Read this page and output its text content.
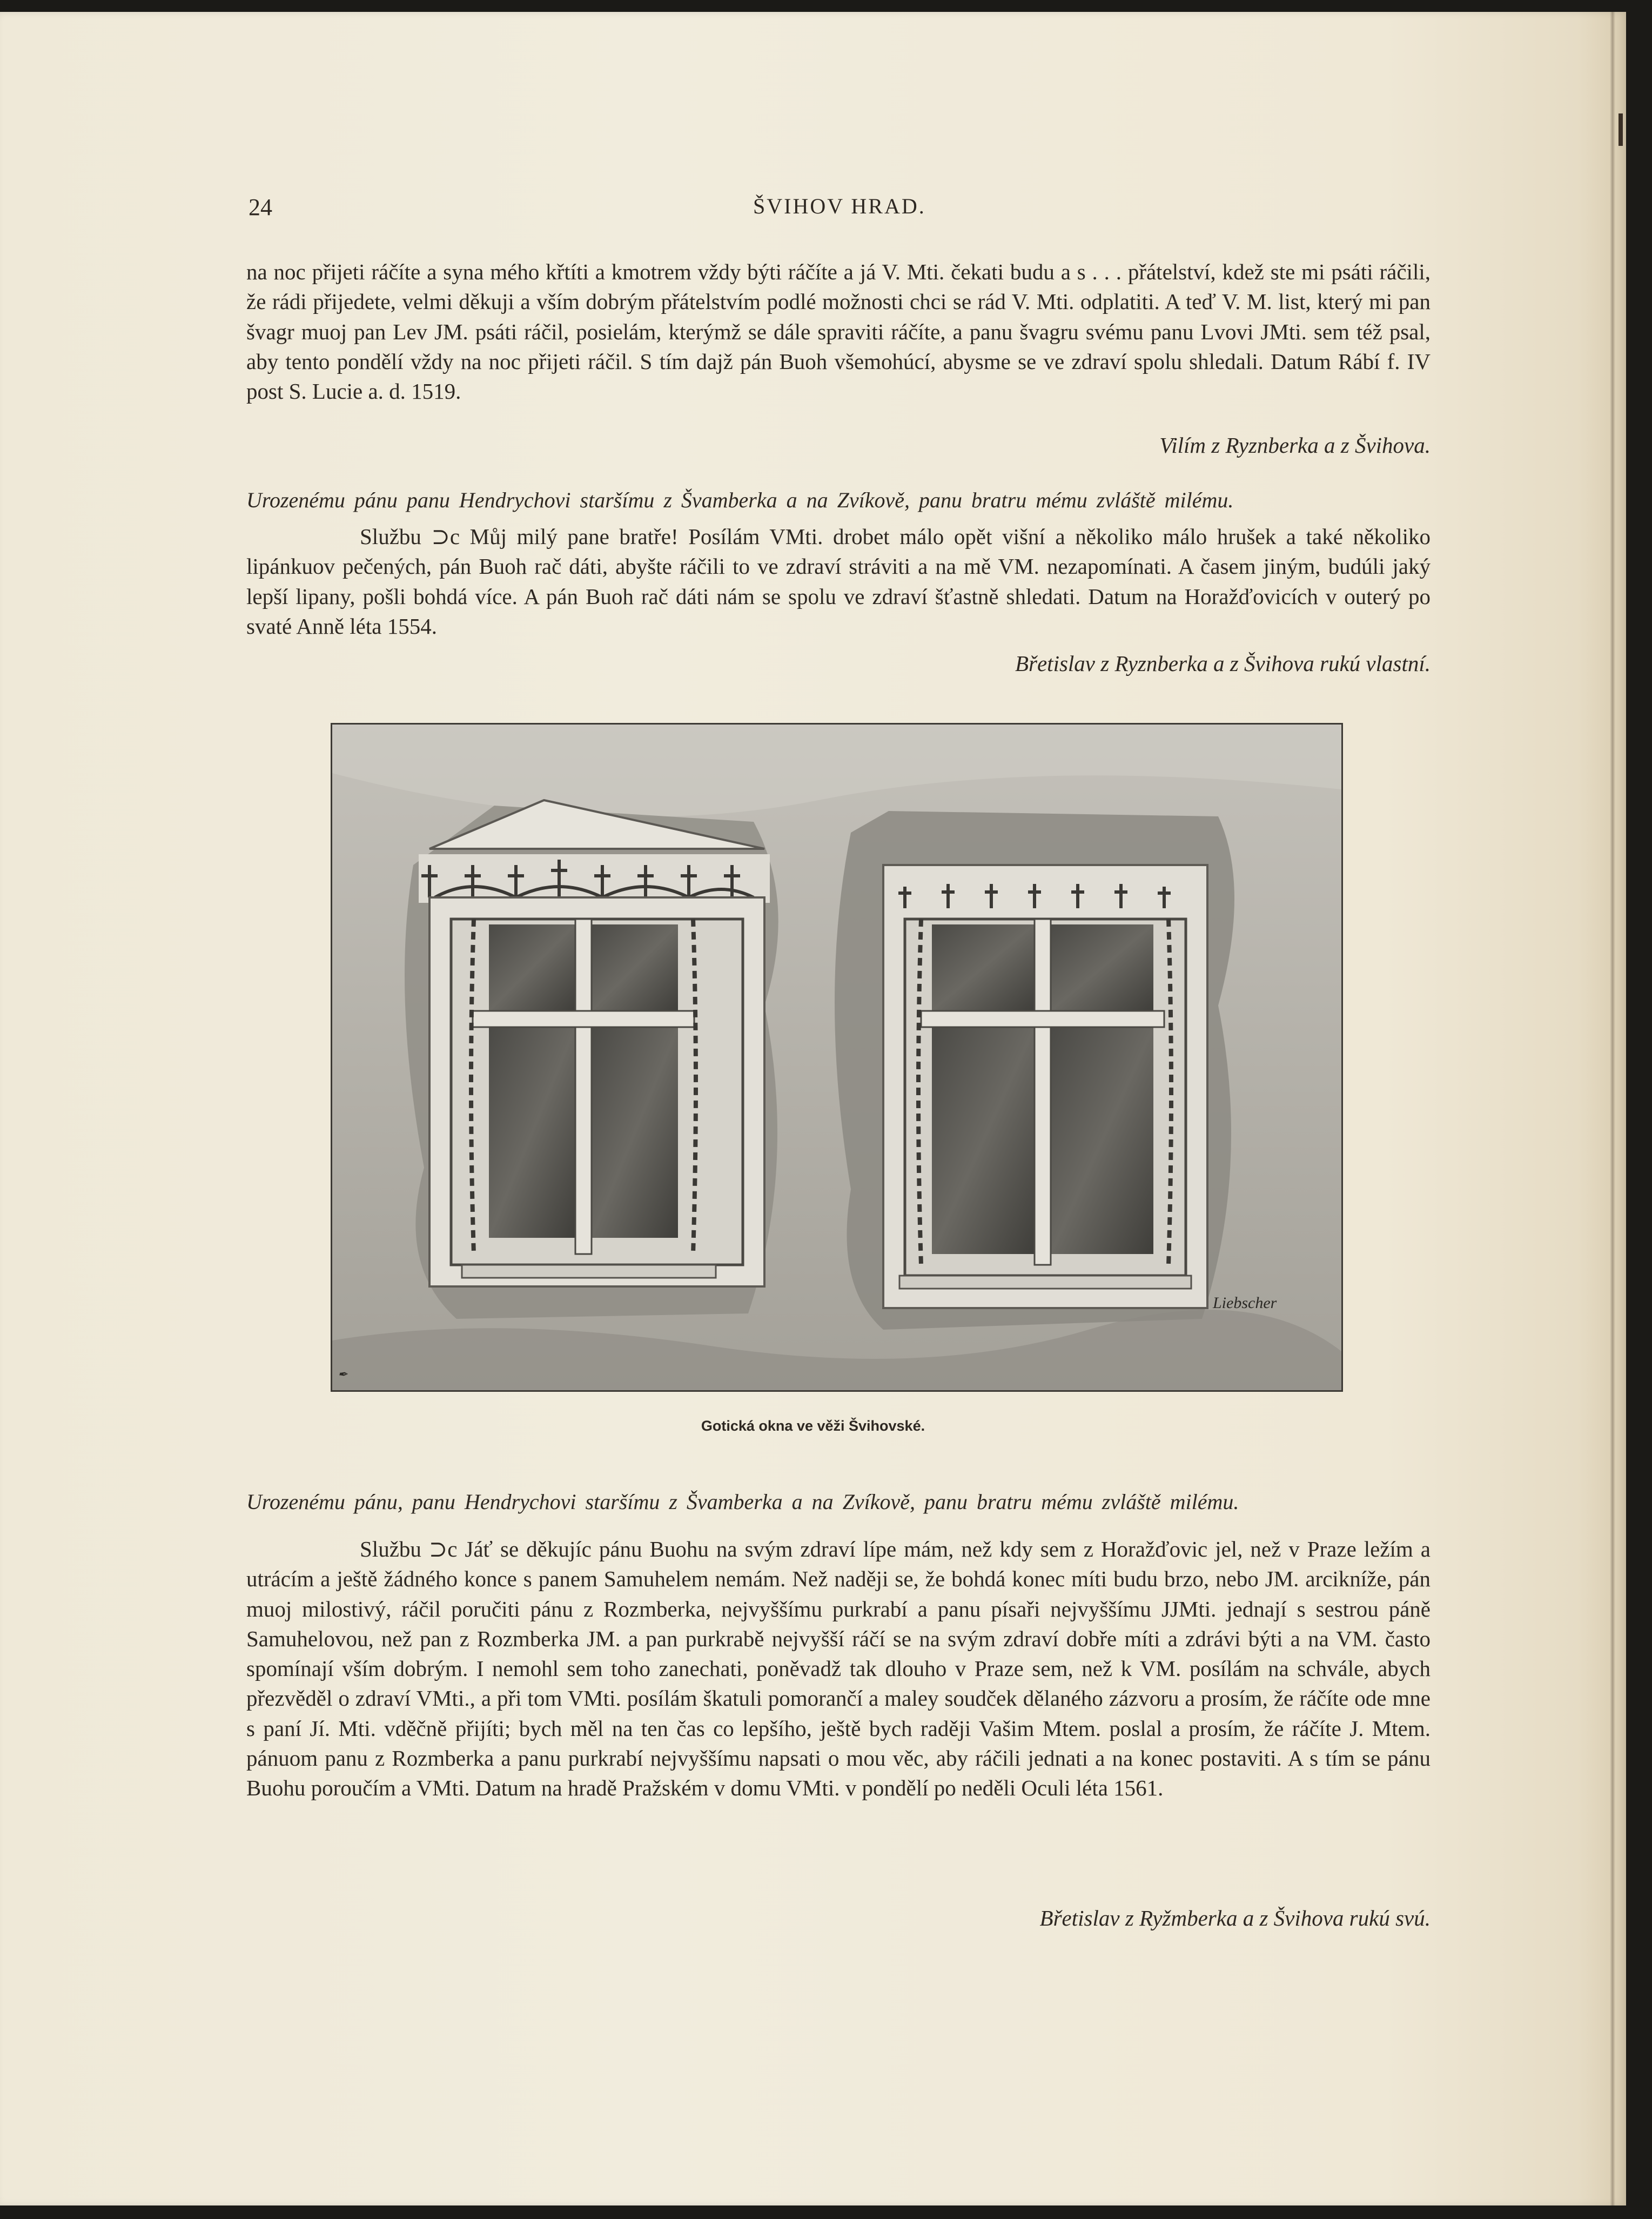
24	ŠVIHOV HRAD.

na noc přijeti ráčíte a syna mého křtíti a kmotrem vždy býti ráčíte a já V. Mti. čekati budu a s . . . přátelství, kdež ste mi psáti ráčili, že rádi přijedete, velmi děkuji a vším dobrým přátelstvím podlé možnosti chci se rád V. Mti. odplatiti. A teď V. M. list, který mi pan švagr muoj pan Lev JM. psáti ráčil, posielám, kterýmž se dále spraviti ráčíte, a panu švagru svému panu Lvovi JMti. sem též psal, aby tento pondělí vždy na noc přijeti ráčil. S tím dajž pán Buoh všemohúcí, abysme se ve zdraví spolu shledali. Datum Rábí f. IV post S. Lucie a. d. 1519.

Vilím z Ryznberka a z Švihova.

Urozenému pánu panu Hendrychovi staršímu z Švamberka a na Zvíkově, panu bratru mému zvláště milému.

Službu ⊃c Můj milý pane bratře! Posílám VMti. drobet málo opět višní a několiko málo hrušek a také několiko lipánkuov pečených, pán Buoh rač dáti, abyšte ráčili to ve zdraví stráviti a na mě VM. nezapomínati. A časem jiným, budúli jaký lepší lipany, pošli bohdá více. A pán Buoh rač dáti nám se spolu ve zdraví šťastně shledati. Datum na Horažďovicích v outerý po svaté Anně léta 1554.

Břetislav z Ryznberka a z Švihova rukú vlastní.

Liebscher
✒
Gotická okna ve věži Švihovské.

Urozenému pánu, panu Hendrychovi staršímu z Švamberka a na Zvíkově, panu bratru mému zvláště milému.

Službu ⊃c Jáť se děkujíc pánu Buohu na svým zdraví lípe mám, než kdy sem z Horažďovic jel, než v Praze ležím a utrácím a ještě žádného konce s panem Samuhelem nemám. Než naději se, že bohdá konec míti budu brzo, nebo JM. arcikníže, pán muoj milostivý, ráčil poručiti pánu z Rozmberka, nejvyššímu purkrabí a panu písaři nejvyššímu JJMti. jednají s sestrou páně Samuhelovou, než pan z Rozmberka JM. a pan purkrabě nejvyšší ráčí se na svým zdraví dobře míti a zdrávi býti a na VM. často spomínají vším dobrým. I nemohl sem toho zanechati, poněvadž tak dlouho v Praze sem, než k VM. posílám na schvále, abych přezvěděl o zdraví VMti., a při tom VMti. posílám škatuli pomorančí a maley soudček dělaného zázvoru a prosím, že ráčíte ode mne s paní Jí. Mti. vděčně přijíti; bych měl na ten čas co lepšího, ještě bych raději Vašim Mtem. poslal a prosím, že ráčíte J. Mtem. pánuom panu z Rozmberka a panu purkrabí nejvyššímu napsati o mou věc, aby ráčili jednati a na konec postaviti. A s tím se pánu Buohu poroučím a VMti. Datum na hradě Pražském v domu VMti. v pondělí po neděli Oculi léta 1561.

Břetislav z Ryžmberka a z Švihova rukú svú.
